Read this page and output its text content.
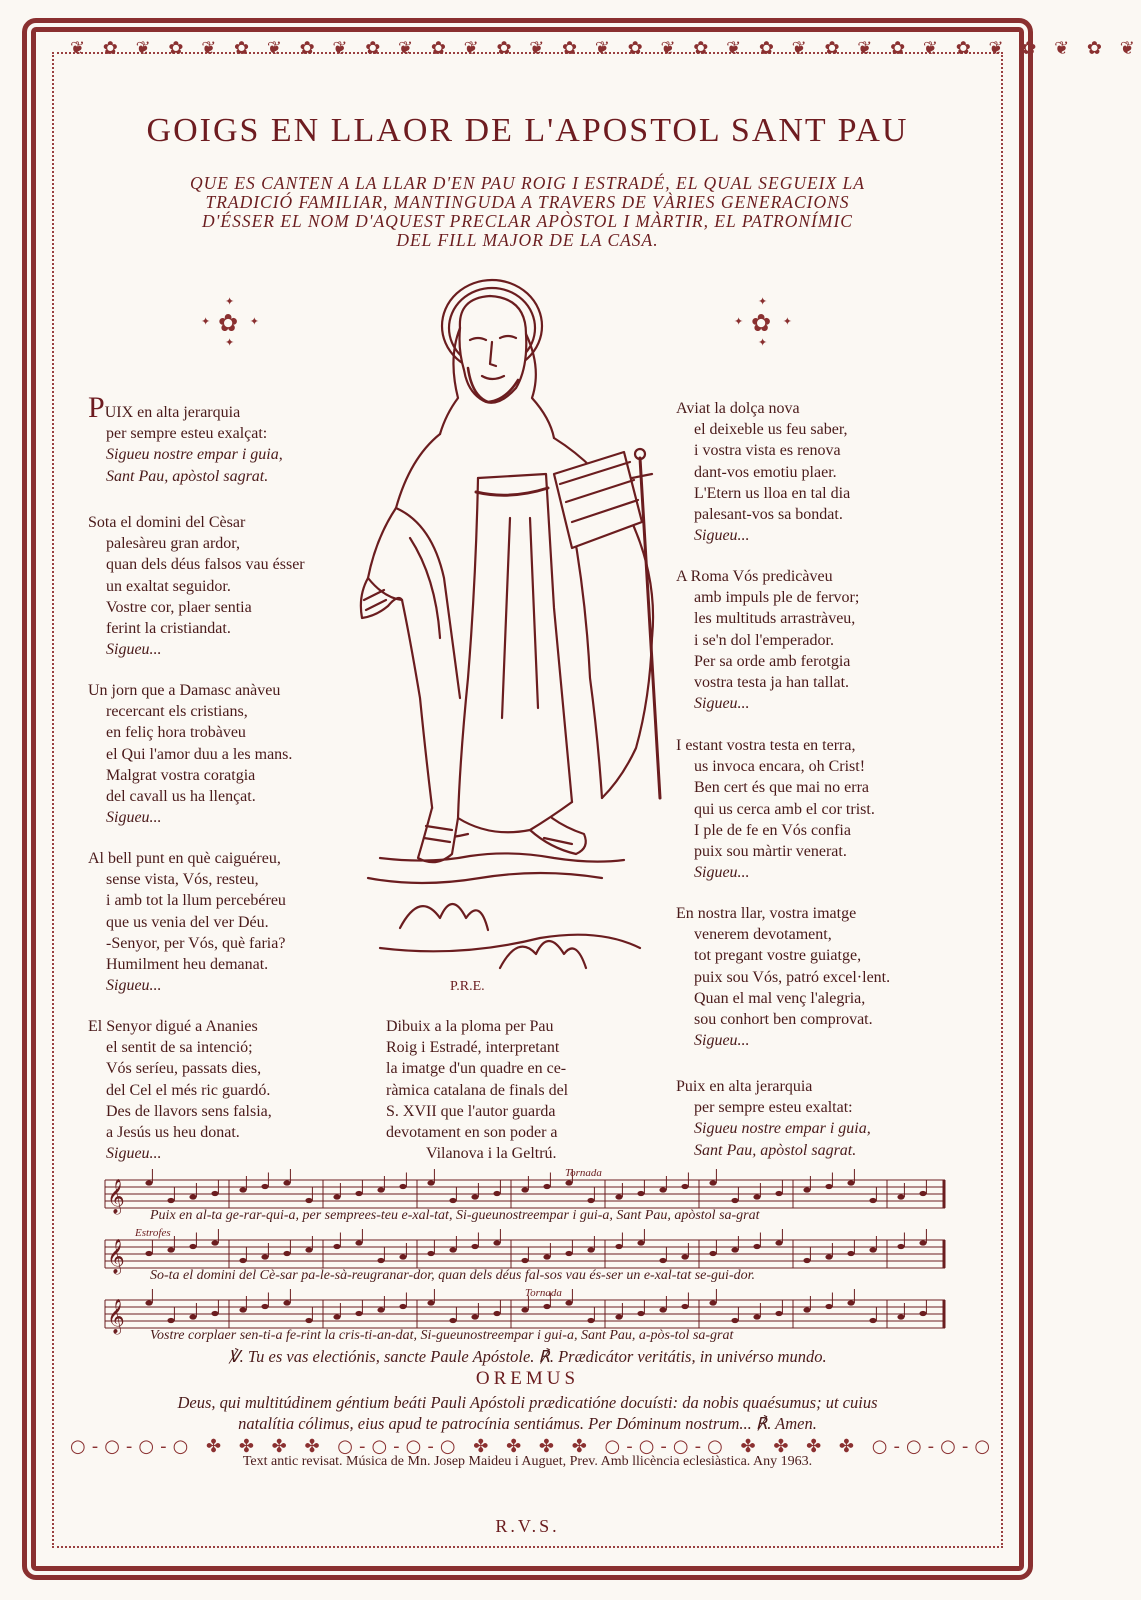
❦ ✿ ❦ ✿ ❦ ✿ ❦ ✿ ❦ ✿ ❦ ✿ ❦ ✿ ❦ ✿ ❦ ✿ ❦ ✿ ❦ ✿ ❦ ✿ ❦ ✿ ❦ ✿ ❦ ✿ ❦ ✿ ❦
○-○-○-○ ✤ ✤ ✤ ✤ ○-○-○-○ ✤ ✤ ✤ ✤ ○-○-○-○ ✤ ✤ ✤ ✤ ○-○-○-○
GOIGS EN LLAOR DE L'APOSTOL SANT PAU
QUE ES CANTEN A LA LLAR D'EN PAU ROIG I ESTRADÉ, EL QUAL SEGUEIX LA
TRADICIÓ FAMILIAR, MANTINGUDA A TRAVERS DE VÀRIES GENERACIONS
D'ÉSSER EL NOM D'AQUEST PRECLAR APÒSTOL I MÀRTIR, EL PATRONÍMIC
DEL FILL MAJOR DE LA CASA.
✦
✦ ✿ ✦
✦
✦
✦ ✿ ✦
✦
PUIX en alta jerarquia
per sempre esteu exalçat:
Sigueu nostre empar i guia,
Sant Pau, apòstol sagrat.
Sota el domini del Cèsar
palesàreu gran ardor,
quan dels déus falsos vau ésser
un exaltat seguidor.
Vostre cor, plaer sentia
ferint la cristiandat.
Sigueu...
Un jorn que a Damasc anàveu
recercant els cristians,
en feliç hora trobàveu
el Qui l'amor duu a les mans.
Malgrat vostra coratgia
del cavall us ha llençat.
Sigueu...
Al bell punt en què caiguéreu,
sense vista, Vós, resteu,
i amb tot la llum percebéreu
que us venia del ver Déu.
-Senyor, per Vós, què faria?
Humilment heu demanat.
Sigueu...
El Senyor digué a Ananies
el sentit de sa intenció;
Vós seríeu, passats dies,
del Cel el més ric guardó.
Des de llavors sens falsia,
a Jesús us heu donat.
Sigueu...
Aviat la dolça nova
el deixeble us feu saber,
i vostra vista es renova
dant-vos emotiu plaer.
L'Etern us lloa en tal dia
palesant-vos sa bondat.
Sigueu...
A Roma Vós predicàveu
amb impuls ple de fervor;
les multituds arrastràveu,
i se'n dol l'emperador.
Per sa orde amb ferotgia
vostra testa ja han tallat.
Sigueu...
I estant vostra testa en terra,
us invoca encara, oh Crist!
Ben cert és que mai no erra
qui us cerca amb el cor trist.
I ple de fe en Vós confia
puix sou màrtir venerat.
Sigueu...
En nostra llar, vostra imatge
venerem devotament,
tot pregant vostre guiatge,
puix sou Vós, patró excel·lent.
Quan el mal venç l'alegria,
sou conhort ben comprovat.
Sigueu...
Puix en alta jerarquia
per sempre esteu exaltat:
Sigueu nostre empar i guia,
Sant Pau, apòstol sagrat.
P.R.E.
Dibuix a la ploma per Pau
Roig i Estradé, interpretant
la imatge d'un quadre en ce-
ràmica catalana de finals del
S. XVII que l'autor guarda
devotament en son poder a
Vilanova i la Geltrú.
𝄞
Tornada
Puix en al-ta ge-rar-qui-a, per semprees-teu e-xal-tat, Si-gueunostreempar i gui-a, Sant Pau, apòstol sa-grat
𝄞
Estrofes
So-ta el domini del Cè-sar pa-le-sà-reugranar-dor, quan dels déus fal-sos vau és-ser un e-xal-tat se-gui-dor.
𝄞
Tornada
Vostre corplaer sen-ti-a fe-rint la cris-ti-an-dat, Si-gueunostreempar i gui-a, Sant Pau, a-pòs-tol sa-grat
℣. Tu es vas electiónis, sancte Paule Apóstole. ℟. Prædicátor veritátis, in univérso mundo.
OREMUS
Deus, qui multitúdinem géntium beáti Pauli Apóstoli prædicatióne docuísti: da nobis quaésumus; ut cuius
natalítia cólimus, eius apud te patrocínia sentiámus. Per Dóminum nostrum... ℟. Amen.
Text antic revisat. Música de Mn. Josep Maideu i Auguet, Prev. Amb llicència eclesiàstica. Any 1963.
R.V.S.
